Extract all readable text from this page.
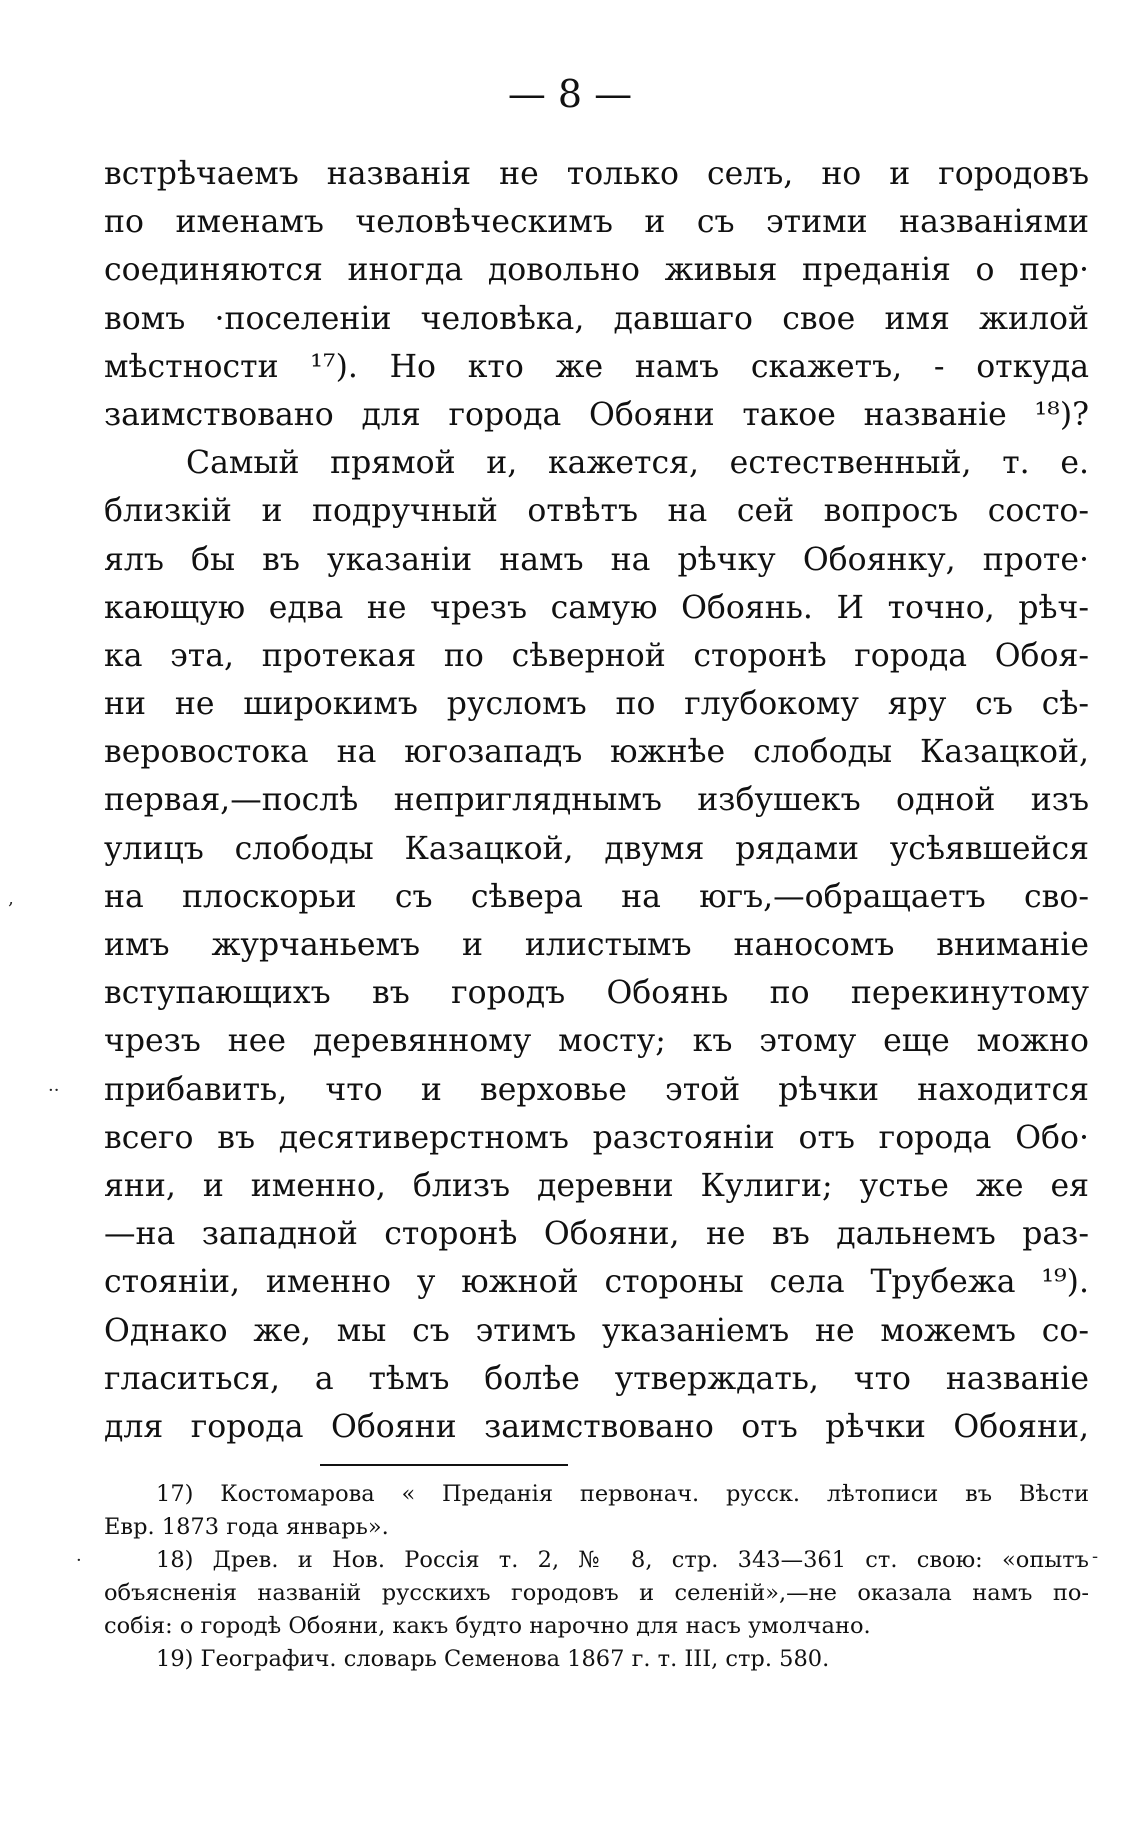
— 8 —
встрѣчаемъ названія не только селъ, но и городовъ
по именамъ человѣческимъ и съ этими названіями
соединяются иногда довольно живыя преданія о пер·
вомъ ·поселеніи человѣка, давшаго свое имя жилой
мѣстности ¹⁷). Но кто же намъ скажетъ, - откуда
заимствовано для города Обояни такое названіе ¹⁸)?
Самый прямой и, кажется, естественный, т. е.
близкій и подручный отвѣтъ на сей вопросъ состо-
ялъ бы въ указаніи намъ на рѣчку Обоянку, проте·
кающую едва не чрезъ самую Обоянь. И точно, рѣч-
ка эта, протекая по сѣверной сторонѣ города Обоя-
ни не широкимъ русломъ по глубокому яру съ сѣ-
веровостока на югозападъ южнѣе слободы Казацкой,
первая,—послѣ непригляднымъ избушекъ одной изъ
улицъ слободы Казацкой, двумя рядами усѣявшейся
на плоскорьи съ сѣвера на югъ,—обращаетъ сво-
имъ журчаньемъ и илистымъ наносомъ вниманіе
вступающихъ въ городъ Обоянь по перекинутому
чрезъ нее деревянному мосту; къ этому еще можно
прибавить, что и верховье этой рѣчки находится
всего въ десятиверстномъ разстояніи отъ города Обо·
яни, и именно, близъ деревни Кулиги; устье же ея
—на западной сторонѣ Обояни, не въ дальнемъ раз-
стояніи, именно у южной стороны села Трубежа ¹⁹).
Однако же, мы съ этимъ указаніемъ не можемъ со-
гласиться, а тѣмъ болѣе утверждать, что названіе
для города Обояни заимствовано отъ рѣчки Обояни,
17) Костомарова « Преданія первонач. русск. лѣтописи въ Вѣсти
Евр. 1873 года январь».
18) Древ. и Нов. Россія т. 2, № 8, стр. 343—361 ст. свою: «опытъ
объясненія названій русскихъ городовъ и селеній»,—не оказала намъ по-
собія: о городѣ Обояни, какъ будто нарочно для насъ умолчано.
19) Географич. словарь Семенова 1867 г. т. III, стр. 580.
‚
··
-
·
